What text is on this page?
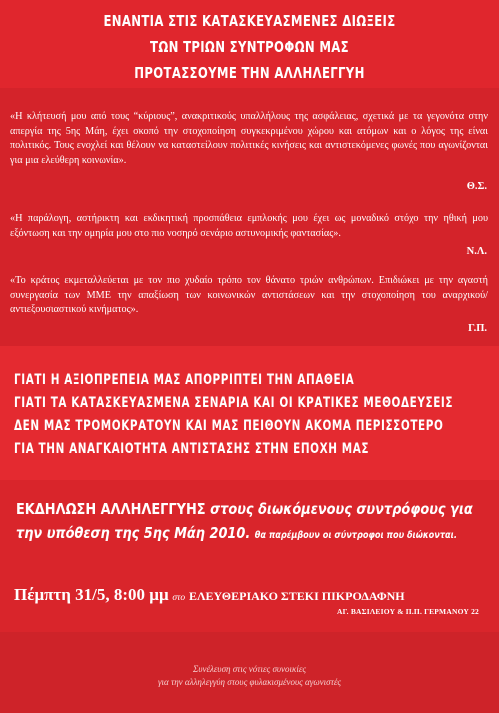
ΕΝΑΝΤΙΑ ΣΤΙΣ ΚΑΤΑΣΚΕΥΑΣΜΕΝΕΣ ΔΙΩΞΕΙΣ
ΤΩΝ ΤΡΙΩΝ ΣΥΝΤΡΟΦΩΝ ΜΑΣ
ΠΡΟΤΑΣΣΟΥΜΕ ΤΗΝ ΑΛΛΗΛΕΓΓΥΗ
«Η κλήτευσή μου από τους “κύριους”, ανακριτικούς υπαλλήλους της ασφάλειας, σχετικά με τα γεγονότα στην απεργία της 5ης Μάη, έχει σκοπό την στοχοποίηση συγκεκριμένου χώρου και ατόμων και ο λόγος της είναι πολιτικός. Τους ενοχλεί και θέλουν να καταστείλουν πολιτικές κινήσεις και αντιστεκόμενες φωνές που αγωνίζονται για μια ελεύθερη κοινωνία».
Θ.Σ.
«Η παράλογη, αστήρικτη και εκδικητική προσπάθεια εμπλοκής μου έχει ως μοναδικό στόχο την ηθική μου εξόντωση και την ομηρία μου στο πιο νοσηρό σενάριο αστυνομικής φαντασίας».
Ν.Λ.
«Το κράτος εκμεταλλεύεται με τον πιο χυδαίο τρόπο τον θάνατο τριών ανθρώπων. Επιδιώκει με την αγαστή συνεργασία των ΜΜΕ την απαξίωση των κοινωνικών αντιστάσεων και την στοχοποίηση του αναρχικού/αντιεξουσιαστικού κινήματος».
Γ.Π.
ΓΙΑΤΙ Η ΑΞΙΟΠΡΕΠΕΙΑ ΜΑΣ ΑΠΟΡΡΙΠΤΕΙ ΤΗΝ ΑΠΑΘΕΙΑ
ΓΙΑΤΙ ΤΑ ΚΑΤΑΣΚΕΥΑΣΜΕΝΑ ΣΕΝΑΡΙΑ ΚΑΙ ΟΙ ΚΡΑΤΙΚΕΣ ΜΕΘΟΔΕΥΣΕΙΣ
ΔΕΝ ΜΑΣ ΤΡΟΜΟΚΡΑΤΟΥΝ ΚΑΙ ΜΑΣ ΠΕΙΘΟΥΝ ΑΚΟΜΑ ΠΕΡΙΣΣΟΤΕΡΟ
ΓΙΑ ΤΗΝ ΑΝΑΓΚΑΙΟΤΗΤΑ ΑΝΤΙΣΤΑΣΗΣ ΣΤΗΝ ΕΠΟΧΗ ΜΑΣ
ΕΚΔΗΛΩΣΗ ΑΛΛΗΛΕΓΓΥΗΣ στους διωκόμενους συντρόφους για
την υπόθεση της 5ης Μάη 2010. θα παρέμβουν οι σύντροφοι που διώκονται.
Πέμπτη 31/5, 8:00 μμ στο ΕΛΕΥΘΕΡΙΑΚΟ ΣΤΕΚΙ ΠΙΚΡΟΔΑΦΝΗ
ΑΓ. ΒΑΣΙΛΕΙΟΥ & Π.Π. ΓΕΡΜΑΝΟΥ 22
Συνέλευση στις νότιες συνοικίες
για την αλληλεγγύη στους φυλακισμένους αγωνιστές
